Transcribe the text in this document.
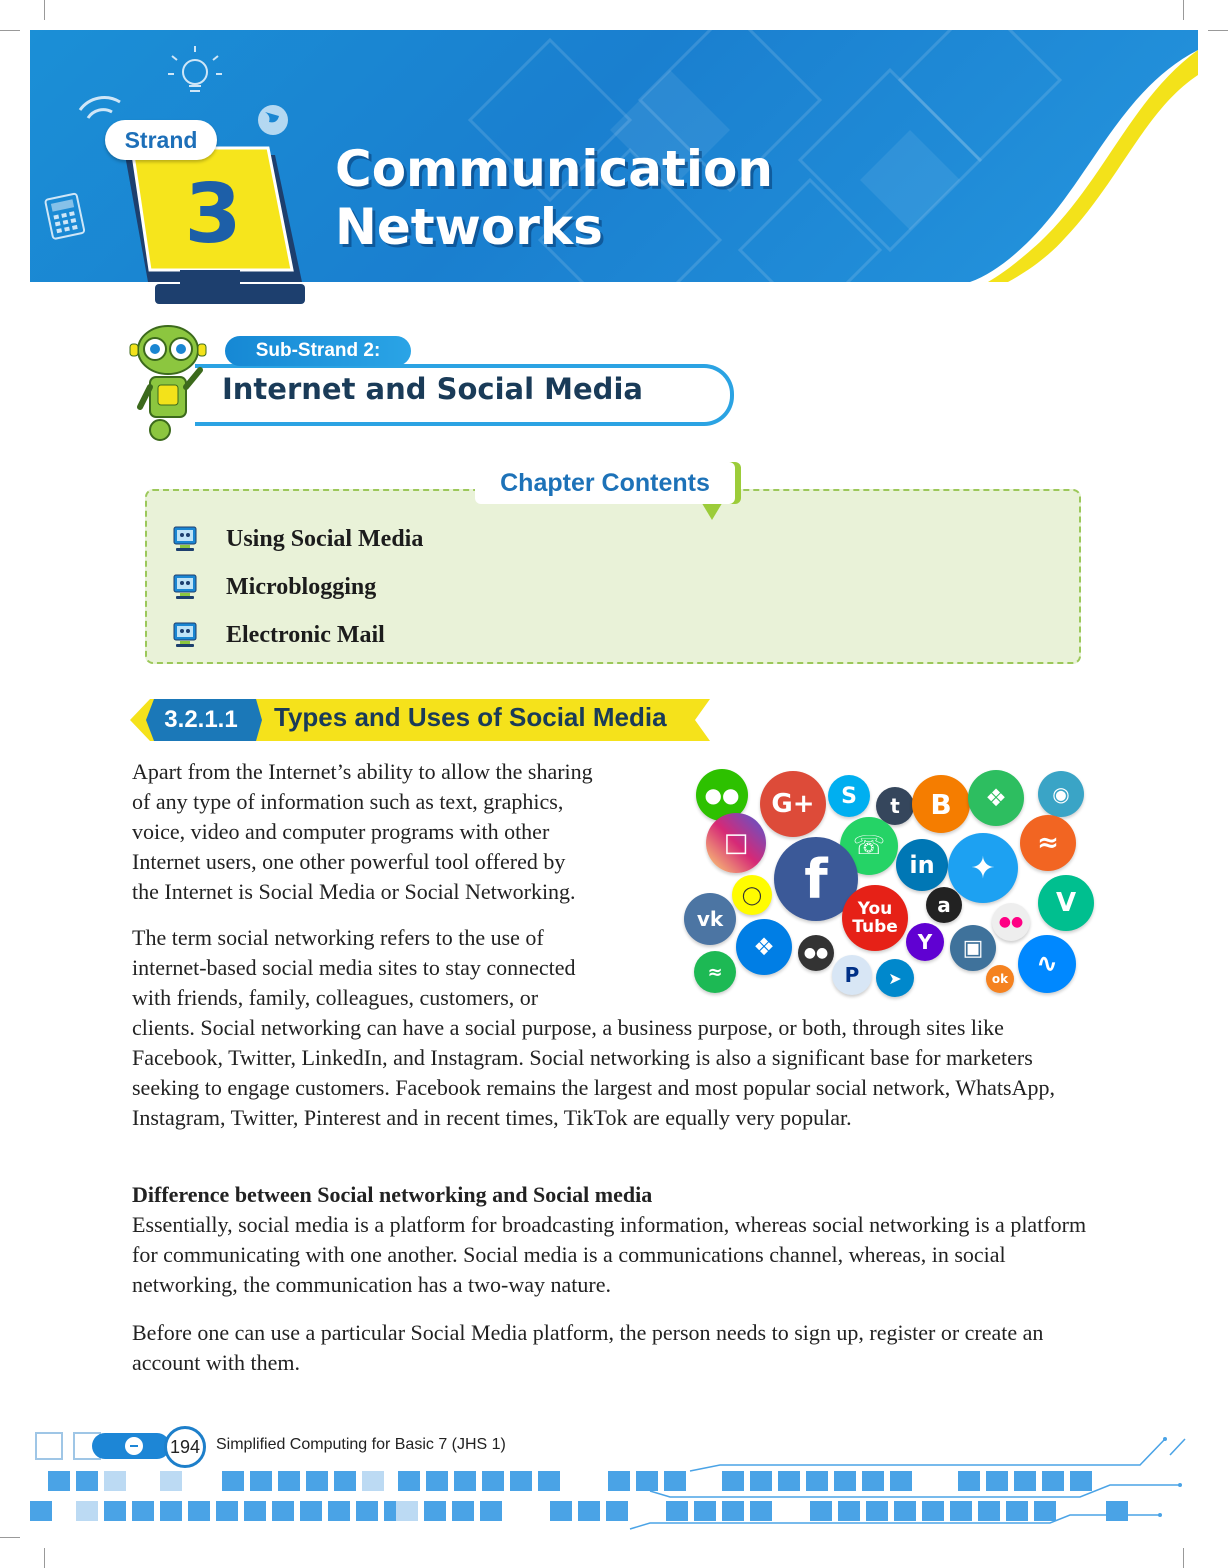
Strand
3	Communication
Networks
Sub-Strand 2:
Internet and Social Media
Chapter Contents
Using Social Media
Microblogging
Electronic Mail
3.2.1.1	Types and Uses of Social Media
Apart from the Internet’s ability to allow the sharing
of any type of information such as text, graphics,
voice, video and computer programs with other
Internet users, one other powerful tool offered by
the Internet is Social Media or Social Networking.
The term social networking refers to the use of
internet-based social media sites to stay connected
with friends, family, colleagues, customers, or

clients. Social networking can have a social purpose, a business purpose, or both, through sites like Facebook, Twitter, LinkedIn, and Instagram. Social networking is also a significant base for marketers seeking to engage customers. Facebook remains the largest and most popular social network, WhatsApp, Instagram, Twitter, Pinterest and in recent times, TikTok are equally very popular.

Difference between Social networking and Social media

Essentially, social media is a platform for broadcasting information, whereas social networking is a platform for communicating with one another. Social media is a communications channel, whereas, in social networking, the communication has a two-way nature.

Before one can use a particular Social Media platform, the person needs to sign up, register or create an account with them.

●●	G+ S t B	❖	◉
□	☏
f	in	✦
≈
◯
You
Tube
a	V
vk
❖	●●	Y
●●
▣
∿
≈	P	➤	ok
194 Simplified Computing for Basic 7 (JHS 1)
